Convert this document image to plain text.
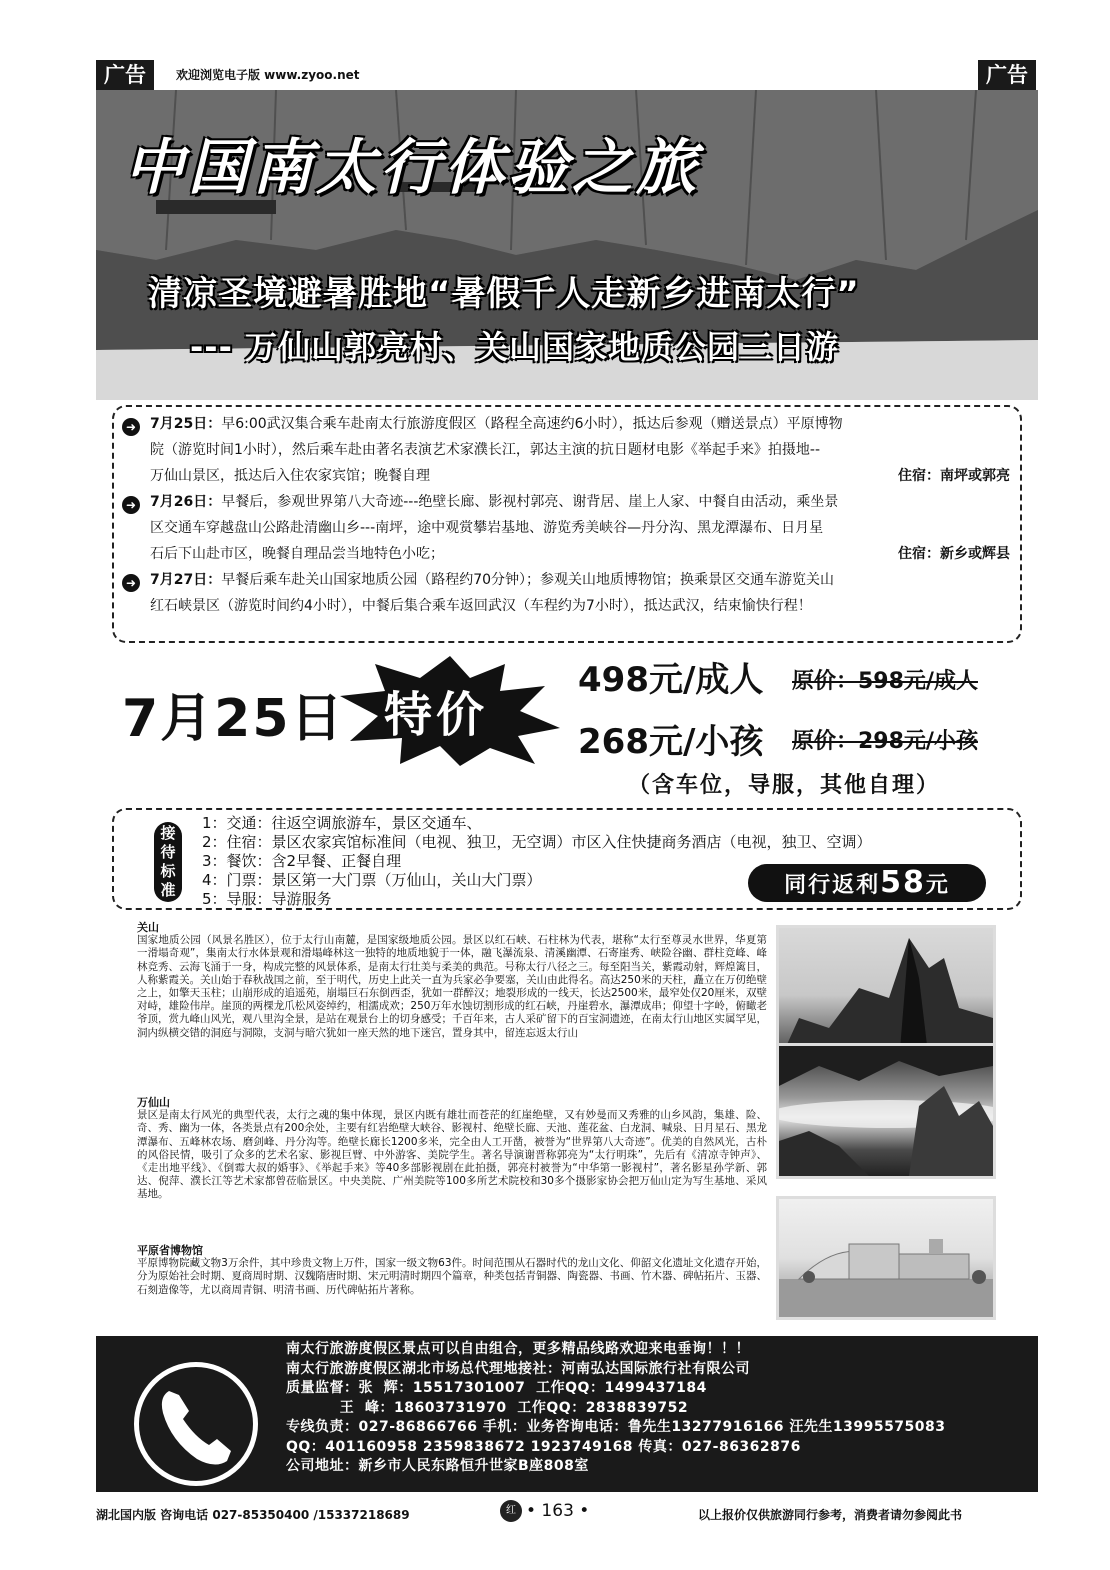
广告	欢迎浏览电子版 www.zyoo.net	广告
中国南太行体验之旅
清凉圣境避暑胜地“暑假千人走新乡进南太行”
--- 万仙山郭亮村、关山国家地质公园三日游
➜ 7月25日：早6:00武汉集合乘车赴南太行旅游度假区（路程全高速约6小时），抵达后参观（赠送景点）平原博物
院（游览时间1小时），然后乘车赴由著名表演艺术家濮长江，郭达主演的抗日题材电影《举起手来》拍摄地--
万仙山景区，抵达后入住农家宾馆；晚餐自理	住宿：南坪或郭亮
➜ 7月26日：早餐后，参观世界第八大奇迹---绝壁长廊、影视村郭亮、谢背居、崖上人家、中餐自由活动，乘坐景
区交通车穿越盘山公路赴清幽山乡---南坪，途中观赏攀岩基地、游览秀美峡谷—丹分沟、黑龙潭瀑布、日月星
石后下山赴市区，晚餐自理品尝当地特色小吃；	住宿：新乡或辉县
➜ 7月27日：早餐后乘车赴关山国家地质公园（路程约70分钟）；参观关山地质博物馆；换乘景区交通车游览关山
红石峡景区（游览时间约4小时），中餐后集合乘车返回武汉（车程约为7小时），抵达武汉，结束愉快行程！
7月25日 特价
498元/成人 原价：598元/成人
268元/小孩 原价：298元/小孩
（含车位，导服，其他自理）
接待标准
1：交通：往返空调旅游车，景区交通车、
2：住宿：景区农家宾馆标准间（电视、独卫，无空调）市区入住快捷商务酒店（电视，独卫、空调）
3：餐饮：含2早餐、正餐自理
4：门票：景区第一大门票（万仙山，关山大门票）
5：导服：导游服务
同行返利58元
关山

国家地质公园（风景名胜区），位于太行山南麓，是国家级地质公园。景区以红石峡、石柱林为代表，堪称“太行至尊灵水世界，华夏第一滑塌奇观”，集南太行水体景观和滑塌峰林这一独特的地质地貌于一体，融飞瀑流泉、清溪幽潭、石寄崖秀、峡险谷幽、群柱竞峰、峰林竞秀、云海飞涌于一身，构成完整的风景体系，是南太行壮美与柔美的典范。号称太行八径之三。每至阳当关，紫霞动射，辉煌篱目，人称紫霞关。关山始于春秋战国之前，至于明代，历史上此关一直为兵家必争要塞，关山由此得名。高达250米的天柱，矗立在万仞绝壁之上，如擎天玉柱；山崩形成的追遥苑，崩塌巨石东倒西歪，犹如一群醉汉；地裂形成的一线天，长达2500米，最窄处仅20厘米，双壁对峙，雄险伟岸。崖顶的两棵龙爪松风姿绰约，相濡成欢；250万年水蚀切割形成的红石峡，丹崖碧水，瀑潭成串；仰望十字岭，俯瞰老爷顶，赏九峰山风光，观八里沟全景，是站在观景台上的切身感受；千百年来，古人采矿留下的百宝洞遗迹，在南太行山地区实属罕见，洞内纵横交错的洞庭与洞隙，支洞与暗穴犹如一座天然的地下迷宫，置身其中，留连忘返太行山

万仙山

景区是南太行风光的典型代表，太行之魂的集中体现，景区内既有雄壮而苍茫的红崖绝壁，又有妙曼而又秀雅的山乡风韵，集雄、险、奇、秀、幽为一体，各类景点有200余处，主要有红岩绝壁大峡谷、影视村、绝壁长廊、天池、莲花盆、白龙洞、喊泉、日月星石、黑龙潭瀑布、五峰林农场、磨剑峰、丹分沟等。绝壁长廊长1200多米，完全由人工开凿，被誉为“世界第八大奇迹”。优美的自然风光，古朴的风俗民情，吸引了众多的艺术名家、影视巨臂、中外游客、美院学生。著名导演谢晋称郭亮为“太行明珠”，先后有《清凉寺钟声》、《走出地平线》、《倒霉大叔的婚事》、《举起手来》等40多部影视剧在此拍摄，郭亮村被誉为“中华第一影视村”，著名影星孙学新、郭达、倪萍、濮长江等艺术家都曾莅临景区。中央美院、广州美院等100多所艺术院校和30多个摄影家协会把万仙山定为写生基地、采风基地。

平原省博物馆

平原博物院藏文物3万余件，其中珍贵文物上万件，国家一级文物63件。时间范围从石器时代的龙山文化、仰韶文化遗址文化遗存开始，分为原始社会时期、夏商周时期、汉魏隋唐时期、宋元明清时期四个篇章，种类包括青铜器、陶瓷器、书画、竹木器、碑帖拓片、玉器、石刻造像等，尤以商周青铜、明清书画、历代碑帖拓片著称。

南太行旅游度假区景点可以自由组合，更多精品线路欢迎来电垂询！！！
南太行旅游度假区湖北市场总代理地接社：河南弘达国际旅行社有限公司
质量监督：张  辉：15517301007  工作QQ：1499437184
王  峰：18603731970  工作QQ：2838839752
专线负责：027-86866766 手机：业务咨询电话：鲁先生13277916166 汪先生13995575083
QQ：401160958 2359838672 1923749168 传真：027-86362876
公司地址：新乡市人民东路恒升世家B座808室
湖北国内版 咨询电话 027-85350400 /15337218689	红 • 163 •	以上报价仅供旅游同行参考，消费者请勿参阅此书
